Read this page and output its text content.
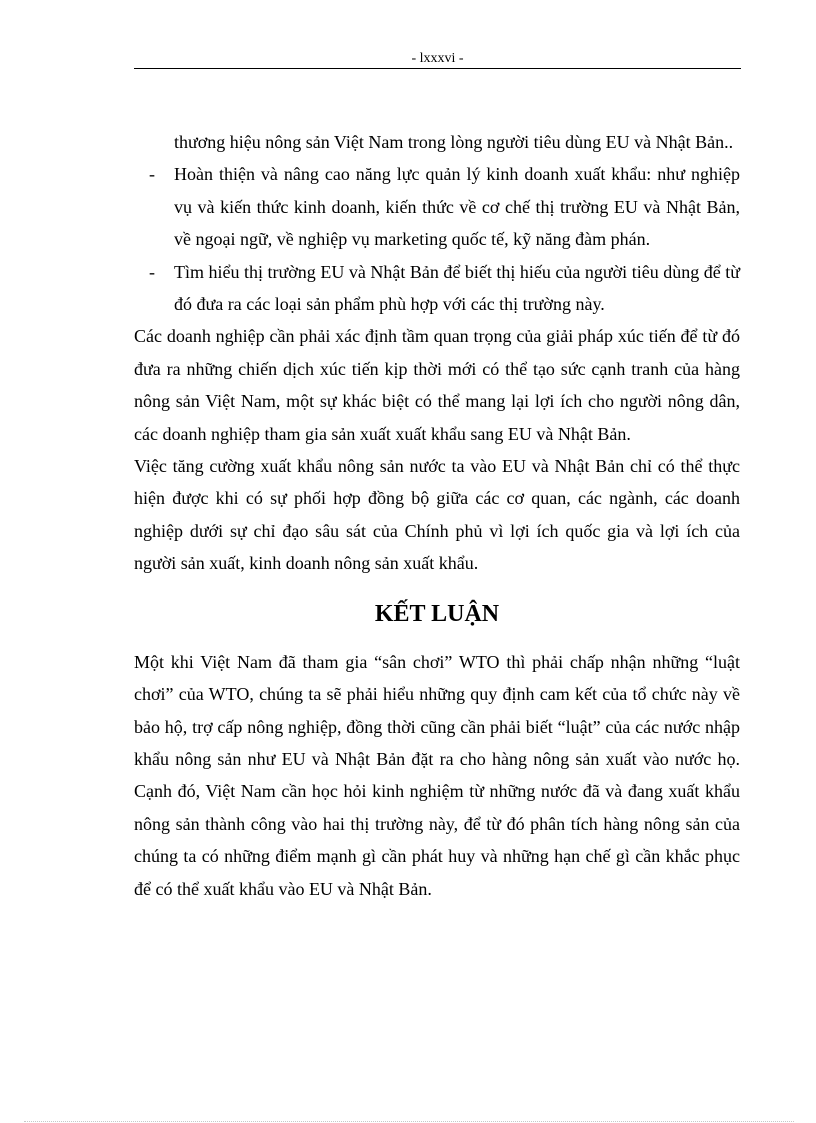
- lxxxvi -
thương hiệu nông sản Việt Nam trong lòng người tiêu dùng EU và Nhật Bản..
- Hoàn thiện và nâng cao năng lực quản lý kinh doanh xuất khẩu: như nghiệp vụ và kiến thức kinh doanh, kiến thức về cơ chế thị trường EU và Nhật Bản, về ngoại ngữ, về nghiệp vụ marketing quốc tế, kỹ năng đàm phán.
- Tìm hiểu thị trường EU và Nhật Bản để biết thị hiếu của người tiêu dùng để từ đó đưa ra các loại sản phẩm phù hợp với các thị trường này.

Các doanh nghiệp cần phải xác định tầm quan trọng của giải pháp xúc tiến để từ đó đưa ra những chiến dịch xúc tiến kịp thời mới có thể tạo sức cạnh tranh của hàng nông sản Việt Nam, một sự khác biệt có thể mang lại lợi ích cho người nông dân, các doanh nghiệp tham gia sản xuất xuất khẩu sang EU và Nhật Bản.

Việc tăng cường xuất khẩu nông sản nước ta vào EU và Nhật Bản chỉ có thể thực hiện được khi có sự phối hợp đồng bộ giữa các cơ quan, các ngành, các doanh nghiệp dưới sự chỉ đạo sâu sát của Chính phủ vì lợi ích quốc gia và lợi ích của người sản xuất, kinh doanh nông sản xuất khẩu.

KẾT LUẬN

Một khi Việt Nam đã tham gia “sân chơi” WTO thì phải chấp nhận những “luật chơi” của WTO, chúng ta sẽ phải hiểu những quy định cam kết của tổ chức này về bảo hộ, trợ cấp nông nghiệp, đồng thời cũng cần phải biết “luật” của các nước nhập khẩu nông sản như EU và Nhật Bản đặt ra cho hàng nông sản xuất vào nước họ. Cạnh đó, Việt Nam cần học hỏi kinh nghiệm từ những nước đã và đang xuất khẩu nông sản thành công vào hai thị trường này, để từ đó phân tích hàng nông sản của chúng ta có những điểm mạnh gì cần phát huy và những hạn chế gì cần khắc phục để có thể xuất khẩu vào EU và Nhật Bản.
